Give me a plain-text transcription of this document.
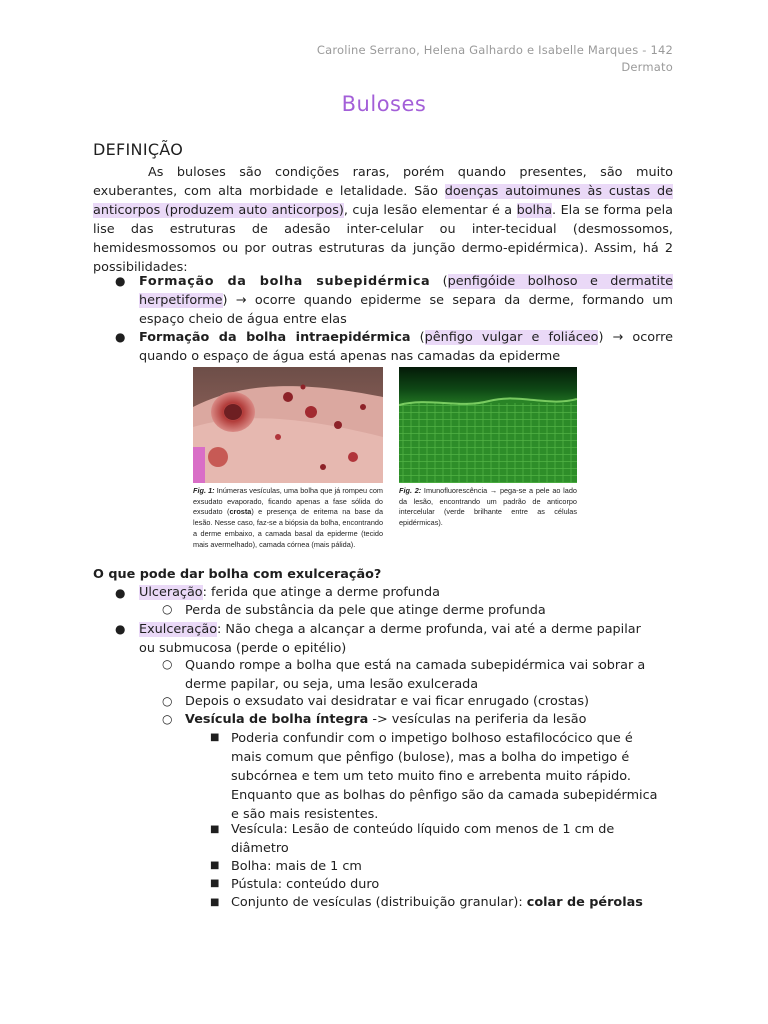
Caroline Serrano, Helena Galhardo e Isabelle Marques - 142
Dermato
Buloses
DEFINIÇÃO
As buloses são condições raras, porém quando presentes, são muito exuberantes, com alta morbidade e letalidade. São doenças autoimunes às custas de anticorpos (produzem auto anticorpos), cuja lesão elementar é a bolha. Ela se forma pela lise das estruturas de adesão inter-celular ou inter-tecidual (desmossomos, hemidesmossomos ou por outras estruturas da junção dermo-epidérmica). Assim, há 2 possibilidades:
● Formação da bolha subepidérmica (penfigóide bolhoso e dermatite herpetiforme) → ocorre quando epiderme se separa da derme, formando um espaço cheio de água entre elas
● Formação da bolha intraepidérmica (pênfigo vulgar e foliáceo) → ocorre quando o espaço de água está apenas nas camadas da epiderme
Fig. 1: Inúmeras vesículas, uma bolha que já rompeu com exsudato evaporado, ficando apenas a fase sólida do exsudato (crosta) e presença de eritema na base da lesão. Nesse caso, faz-se a biópsia da bolha, encontrando a derme embaixo, a camada basal da epiderme (tecido mais avermelhado), camada córnea (mais pálida).
Fig. 2: Imunofluorescência → pega-se a pele ao lado da lesão, encontrando um padrão de anticorpo intercelular (verde brilhante entre as células epidérmicas).
O que pode dar bolha com exulceração?
● Ulceração: ferida que atinge a derme profunda
○ Perda de substância da pele que atinge derme profunda
● Exulceração: Não chega a alcançar a derme profunda, vai até a derme papilar ou submucosa (perde o epitélio)
○ Quando rompe a bolha que está na camada subepidérmica vai sobrar a derme papilar, ou seja, uma lesão exulcerada
○ Depois o exsudato vai desidratar e vai ficar enrugado (crostas)
○ Vesícula de bolha íntegra -> vesículas na periferia da lesão
■ Poderia confundir com o impetigo bolhoso estafilocócico que é mais comum que pênfigo (bulose), mas a bolha do impetigo é subcórnea e tem um teto muito fino e arrebenta muito rápido. Enquanto que as bolhas do pênfigo são da camada subepidérmica e são mais resistentes.
■ Vesícula: Lesão de conteúdo líquido com menos de 1 cm de diâmetro
■ Bolha: mais de 1 cm
■ Pústula: conteúdo duro
■ Conjunto de vesículas (distribuição granular): colar de pérolas
